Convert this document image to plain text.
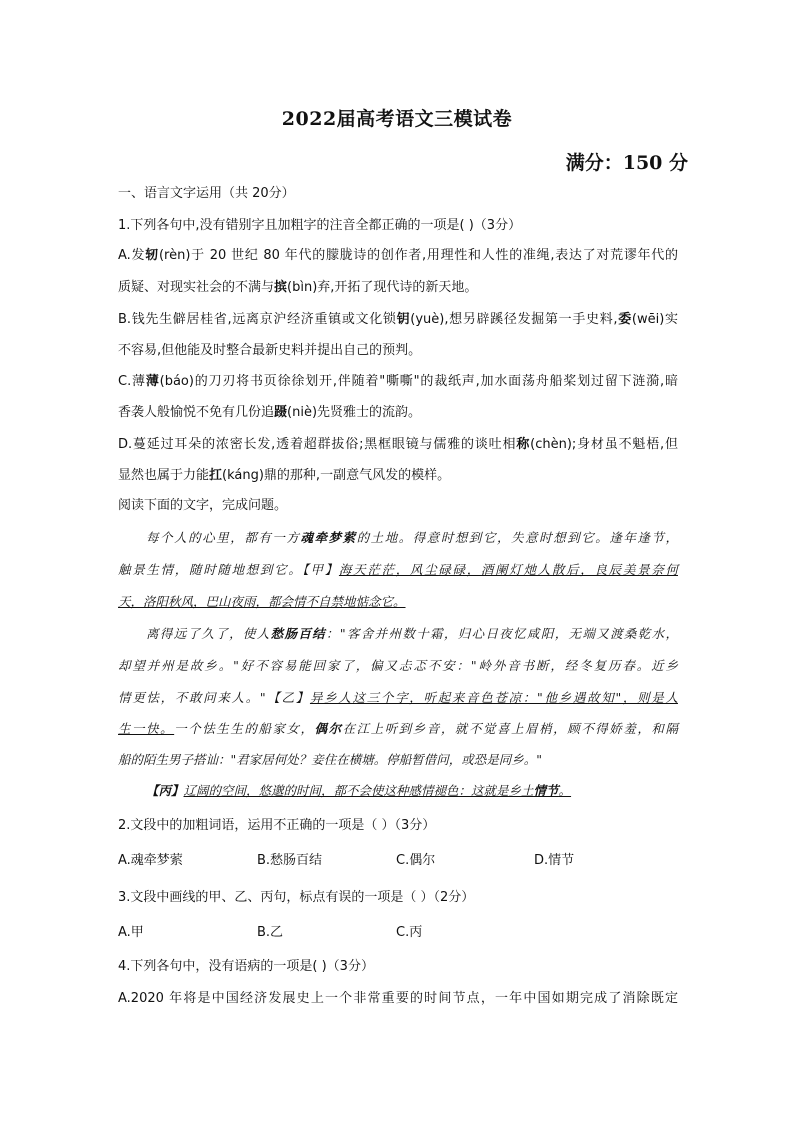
2022届高考语文三模试卷
满分：150 分
一、语言文字运用（共 20分）
1.下列各句中,没有错别字且加粗字的注音全都正确的一项是( )（3分）
A.发轫(rèn)于 20 世纪 80 年代的朦胧诗的创作者,用理性和人性的准绳,表达了对荒谬年代的
质疑、对现实社会的不满与摈(bìn)弃,开拓了现代诗的新天地。
B.钱先生僻居桂省,远离京沪经济重镇或文化锁钥(yuè),想另辟蹊径发掘第一手史料,委(wēi)实
不容易,但他能及时整合最新史料并提出自己的预判。
C.薄薄(báo)的刀刃将书页徐徐划开,伴随着"嘶嘶"的裁纸声,加水面荡舟船桨划过留下涟漪,暗
香袭人般愉悦不免有几份追蹑(niè)先贤雅士的流韵。
D.蔓延过耳朵的浓密长发,透着超群拔俗;黑框眼镜与儒雅的谈吐相称(chèn);身材虽不魁梧,但
显然也属于力能扛(káng)鼎的那种,一副意气风发的模样。
阅读下面的文字，完成问题。
每个人的心里，都有一方魂牵梦萦的土地。得意时想到它，失意时想到它。逢年逢节，
触景生情，随时随地想到它。【甲】海天茫茫，风尘碌碌，酒阑灯灺人散后，良辰美景奈何
天，洛阳秋风，巴山夜雨，都会情不自禁地惦念它。
离得远了久了，使人愁肠百结："客舍并州数十霜，归心日夜忆咸阳，无端又渡桑乾水，
却望并州是故乡。"好不容易能回家了，偏又忐忑不安："岭外音书断，经冬复历春。近乡
情更怯，不敢问来人。"【乙】异乡人这三个字，听起来音色苍凉："他乡遇故知"，则是人
生一快。一个怯生生的船家女，偶尔在江上听到乡音，就不觉喜上眉梢，顾不得娇羞，和隔
船的陌生男子搭讪："君家居何处？妾住在横塘。停船暂借问，或恐是同乡。"
【丙】辽阔的空间，悠邈的时间，都不会使这种感情褪色：这就是乡土情节。
2.文段中的加粗词语，运用不正确的一项是（ ）（3分）
A.魂牵梦萦	B.愁肠百结	C.偶尔	D.情节
3.文段中画线的甲、乙、丙句，标点有误的一项是（ ）（2分）
A.甲	B.乙	C.丙
4.下列各句中，没有语病的一项是( )（3分）
A.2020 年将是中国经济发展史上一个非常重要的时间节点，一年中国如期完成了消除既定
